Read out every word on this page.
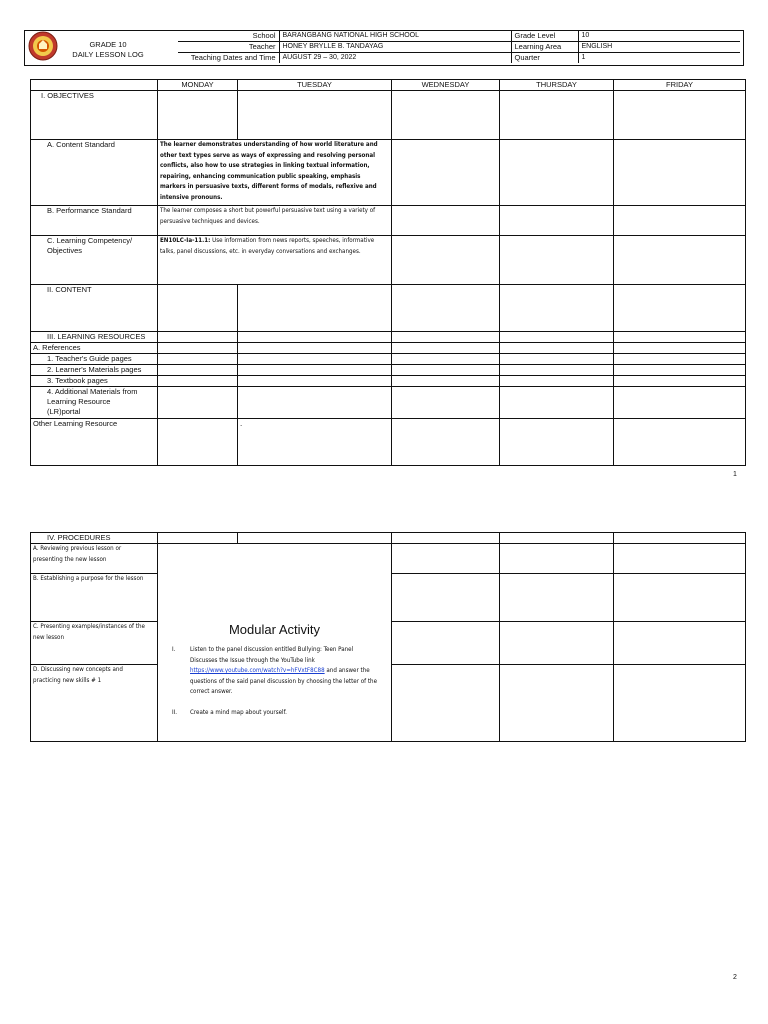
GRADE 10
DAILY LESSON LOG
School	BARANGBANG NATIONAL HIGH SCHOOL	Grade Level	10
Teacher	HONEY BRYLLE B. TANDAYAG	Learning Area	ENGLISH
Teaching Dates and Time	AUGUST 29 – 30, 2022	Quarter	1
	MONDAY	TUESDAY	WEDNESDAY	THURSDAY	FRIDAY
I. OBJECTIVES					
A. Content Standard	The learner demonstrates understanding of how world literature and other text types serve as ways of expressing and resolving personal conflicts, also how to use strategies in linking textual information, repairing, enhancing communication public speaking, emphasis markers in persuasive texts, different forms of modals, reflexive and intensive pronouns.				

B. Performance Standard	The learner composes a short but powerful persuasive text using a variety of persuasive techniques and devices.				

C. Learning Competency/ Objectives	EN10LC-Ia-11.1: Use information from news reports, speeches, informative talks, panel discussions, etc. in everyday conversations and exchanges.				

II. CONTENT					
III. LEARNING RESOURCES					
A. References					
1. Teacher's Guide pages					
2. Learner's Materials pages					
3. Textbook pages					

4. Additional Materials from Learning Resource (LR)portal					

Other Learning Resource		.			
1
IV. PROCEDURES					

A. Reviewing previous lesson or presenting the new lesson	Modular Activity
I. Listen to the panel discussion entitled Bullying: Teen Panel Discusses the Issue through the YouTube link https://www.youtube.com/watch?v=hFVxtF8C88 and answer the questions of the said panel discussion by choosing the letter of the correct answer.
II. Create a mind map about yourself.				

B. Establishing a purpose for the lesson					

C. Presenting examples/instances of the new lesson					

D. Discussing new concepts and practicing new skills # 1					

2
